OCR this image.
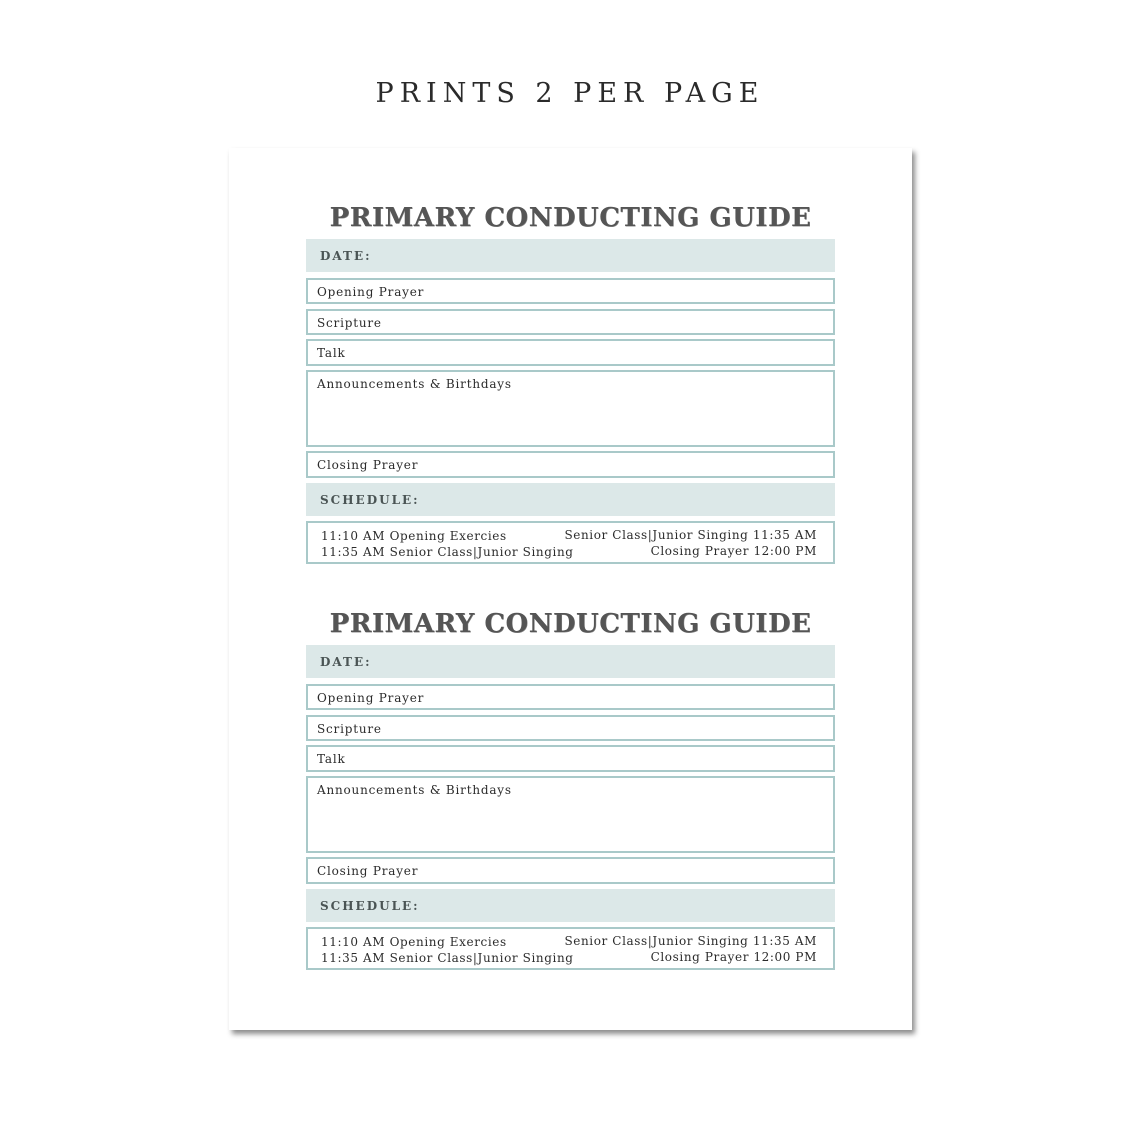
PRINTS 2 PER PAGE
PRIMARY CONDUCTING GUIDE
DATE:
Opening Prayer
Scripture
Talk
Announcements & Birthdays
Closing Prayer
SCHEDULE:
11:10 AM Opening Exercies
11:35 AM Senior Class|Junior Singing
Senior Class|Junior Singing 11:35 AM
Closing Prayer 12:00 PM
PRIMARY CONDUCTING GUIDE
DATE:
Opening Prayer
Scripture
Talk
Announcements & Birthdays
Closing Prayer
SCHEDULE:
11:10 AM Opening Exercies
11:35 AM Senior Class|Junior Singing
Senior Class|Junior Singing 11:35 AM
Closing Prayer 12:00 PM
